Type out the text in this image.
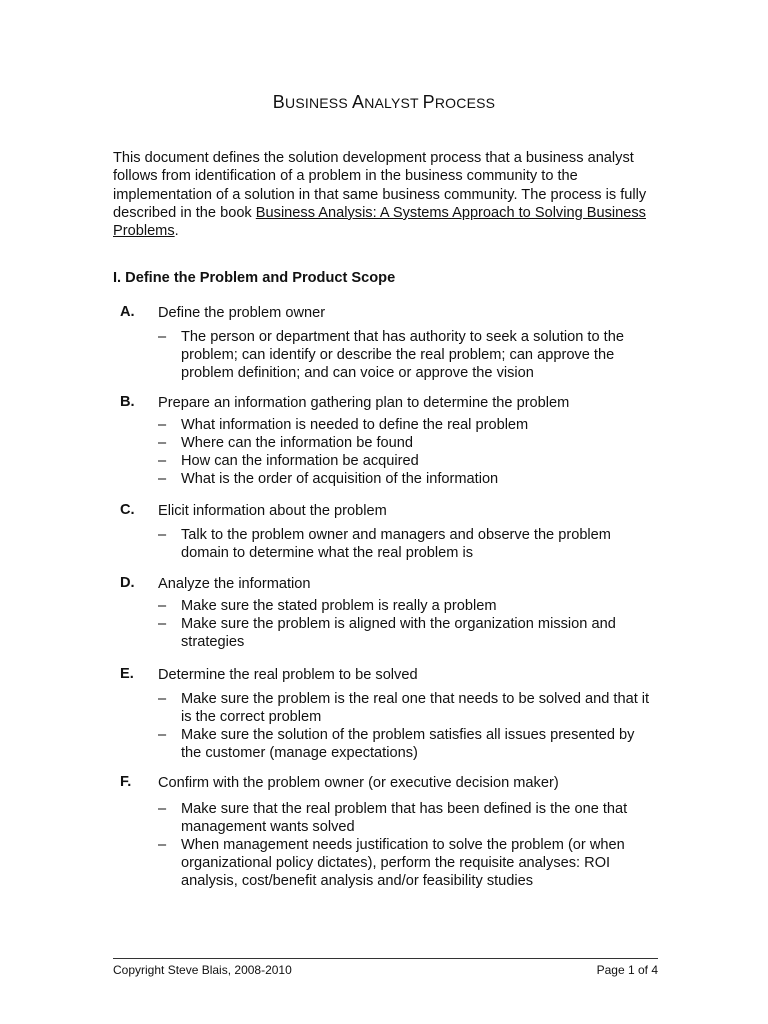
BUSINESS ANALYST PROCESS
This document defines the solution development process that a business analyst follows from identification of a problem in the business community to the implementation of a solution in that same business community. The process is fully described in the book Business Analysis: A Systems Approach to Solving Business Problems.
I. Define the Problem and Product Scope
A.	Define the problem owner
– The person or department that has authority to seek a solution to the problem; can identify or describe the real problem; can approve the problem definition; and can voice or approve the vision
B.	Prepare an information gathering plan to determine the problem
– What information is needed to define the real problem
– Where can the information be found
– How can the information be acquired
– What is the order of acquisition of the information
C.	Elicit information about the problem
– Talk to the problem owner and managers and observe the problem domain to determine what the real problem is
D.	Analyze the information
– Make sure the stated problem is really a problem
– Make sure the problem is aligned with the organization mission and strategies
E.	Determine the real problem to be solved
– Make sure the problem is the real one that needs to be solved and that it is the correct problem
– Make sure the solution of the problem satisfies all issues presented by the customer (manage expectations)
F.	Confirm with the problem owner (or executive decision maker)
– Make sure that the real problem that has been defined is the one that management wants solved
– When management needs justification to solve the problem (or when organizational policy dictates), perform the requisite analyses: ROI analysis, cost/benefit analysis and/or feasibility studies
Copyright Steve Blais, 2008-2010	Page 1 of 4
